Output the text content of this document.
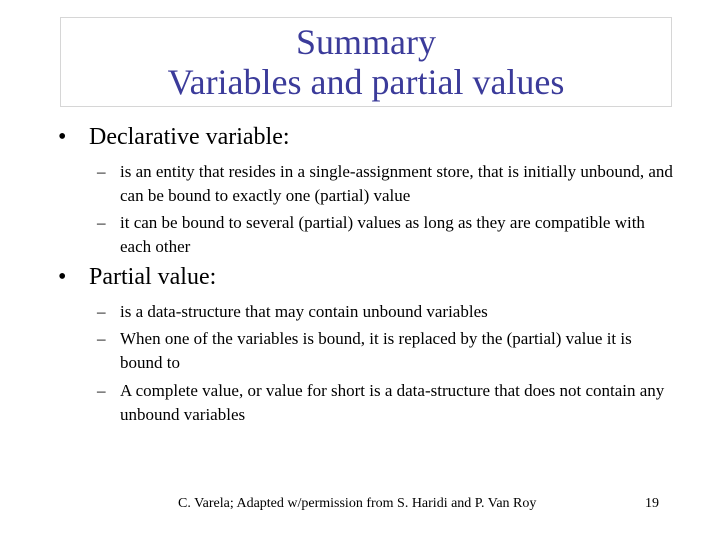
Summary
Variables and partial values
• Declarative variable:
– is an entity that resides in a single-assignment store, that is initially unbound, and can be bound to exactly one (partial) value
– it can be bound to several (partial) values as long as they are compatible with each other
• Partial value:
– is a data-structure that may contain unbound variables
– When one of the variables is bound, it is replaced by the (partial) value it is bound to
– A complete value, or value for short is a data-structure that does not contain any unbound variables
C. Varela; Adapted w/permission from S. Haridi and P. Van Roy	19
